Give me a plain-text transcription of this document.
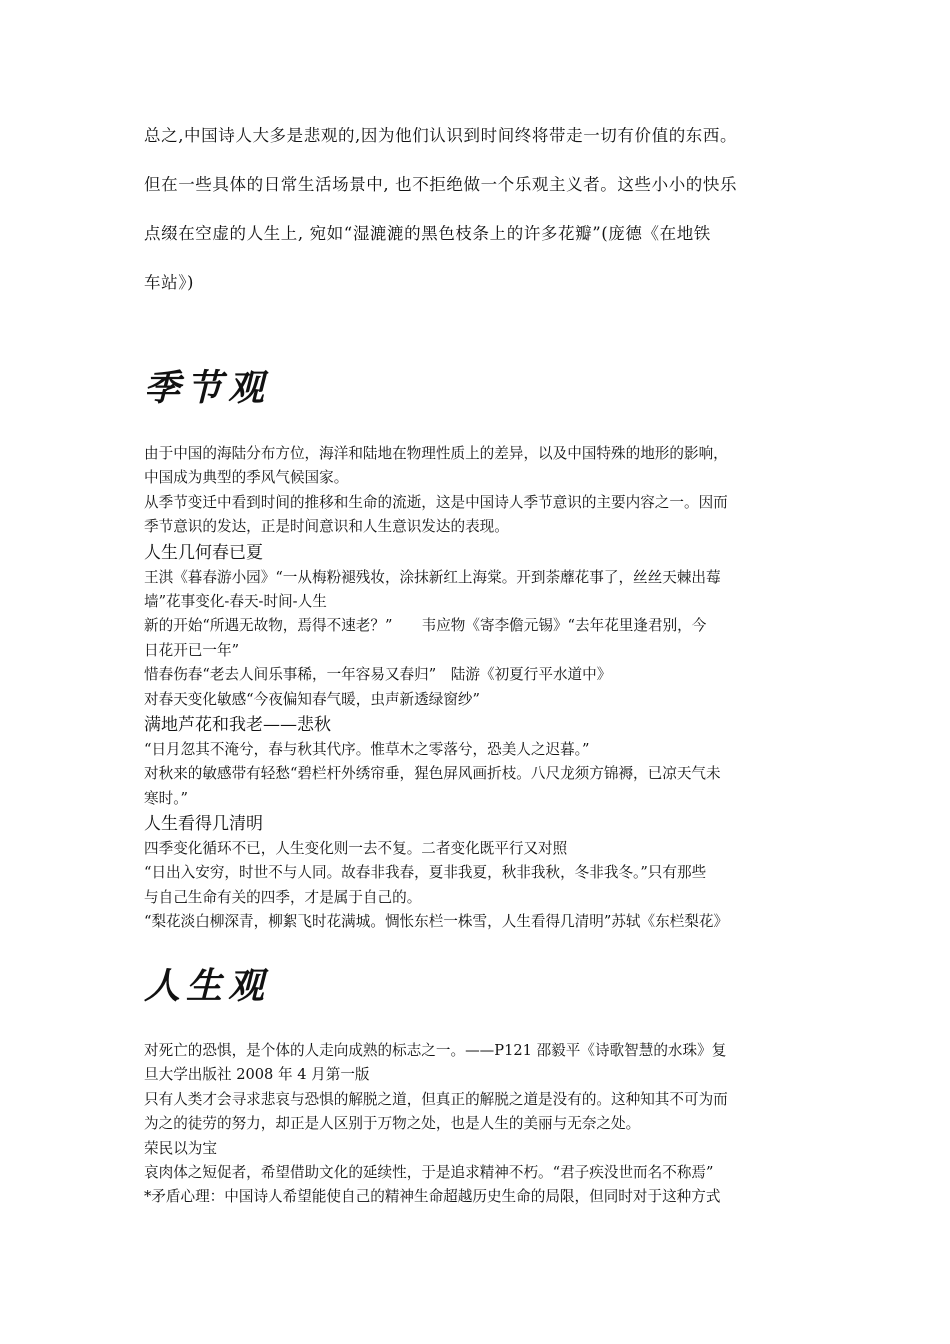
总之,中国诗人大多是悲观的,因为他们认识到时间终将带走一切有价值的东西。
但在一些具体的日常生活场景中, 也不拒绝做一个乐观主义者。这些小小的快乐
点缀在空虚的人生上, 宛如“湿漉漉的黑色枝条上的许多花瓣”(庞德《在地铁
车站》)
季节观
由于中国的海陆分布方位，海洋和陆地在物理性质上的差异，以及中国特殊的地形的影响，
中国成为典型的季风气候国家。
从季节变迁中看到时间的推移和生命的流逝，这是中国诗人季节意识的主要内容之一。因而
季节意识的发达，正是时间意识和人生意识发达的表现。
人生几何春已夏
王淇《暮春游小园》“一从梅粉褪残妆，涂抹新红上海棠。开到荼蘼花事了，丝丝天棘出莓
墙”花事变化-春天-时间-人生
新的开始“所遇无故物，焉得不速老？”　　韦应物《寄李儋元锡》“去年花里逢君别，今
日花开已一年”
惜春伤春“老去人间乐事稀，一年容易又春归”　陆游《初夏行平水道中》
对春天变化敏感“今夜偏知春气暖，虫声新透绿窗纱”
满地芦花和我老——悲秋
“日月忽其不淹兮，春与秋其代序。惟草木之零落兮，恐美人之迟暮。”
对秋来的敏感带有轻愁“碧栏杆外绣帘垂，猩色屏风画折枝。八尺龙须方锦褥，已凉天气未
寒时。”
人生看得几清明
四季变化循环不已，人生变化则一去不复。二者变化既平行又对照
“日出入安穷，时世不与人同。故春非我春，夏非我夏，秋非我秋，冬非我冬。”只有那些
与自己生命有关的四季，才是属于自己的。
“梨花淡白柳深青，柳絮飞时花满城。惆怅东栏一株雪，人生看得几清明”苏轼《东栏梨花》
人生观
对死亡的恐惧，是个体的人走向成熟的标志之一。——P121 邵毅平《诗歌智慧的水珠》复
旦大学出版社 2008 年 4 月第一版
只有人类才会寻求悲哀与恐惧的解脱之道，但真正的解脱之道是没有的。这种知其不可为而
为之的徒劳的努力，却正是人区别于万物之处，也是人生的美丽与无奈之处。
荣民以为宝
哀肉体之短促者，希望借助文化的延续性，于是追求精神不朽。“君子疾没世而名不称焉”
*矛盾心理：中国诗人希望能使自己的精神生命超越历史生命的局限，但同时对于这种方式
